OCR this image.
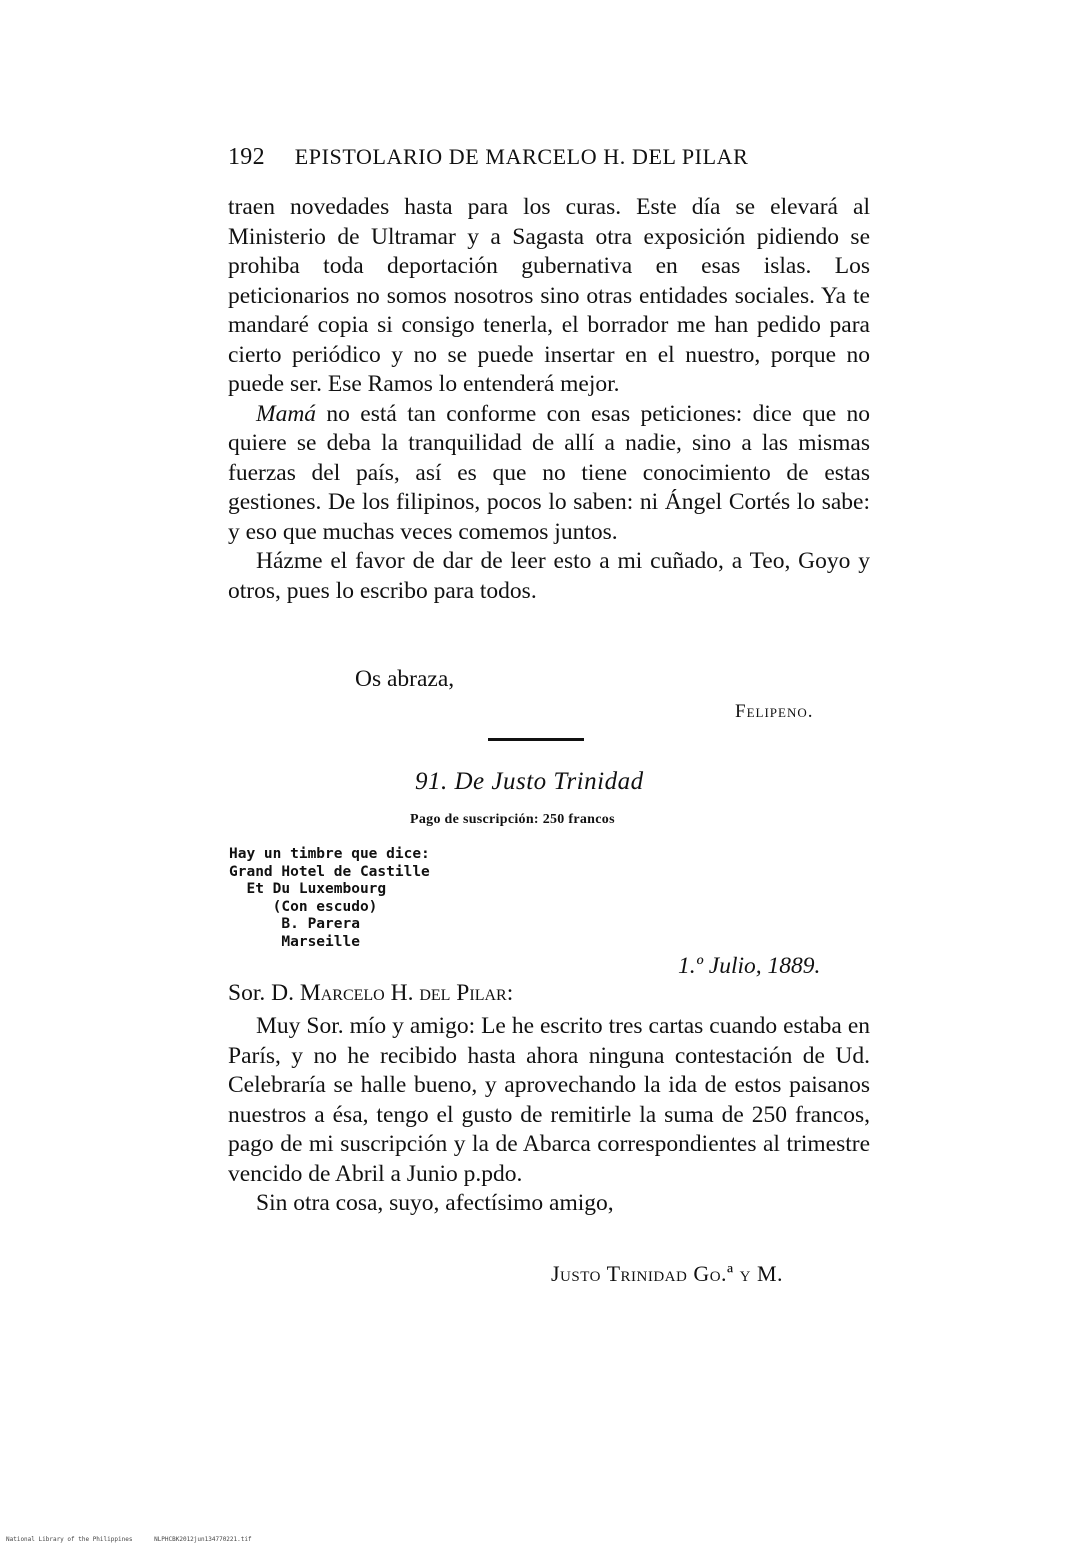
192 EPISTOLARIO DE MARCELO H. DEL PILAR

traen novedades hasta para los curas. Este día se elevará al Ministerio de Ultramar y a Sagasta otra exposición pidiendo se prohiba toda deportación gubernativa en esas islas. Los peticionarios no somos nosotros sino otras entidades sociales. Ya te mandaré copia si consigo tenerla, el borrador me han pedido para cierto periódico y no se puede insertar en el nuestro, porque no puede ser. Ese Ramos lo entenderá mejor.

Mamá no está tan conforme con esas peticiones: dice que no quiere se deba la tranquilidad de allí a nadie, sino a las mismas fuerzas del país, así es que no tiene conocimiento de estas gestiones. De los filipinos, pocos lo saben: ni Ángel Cortés lo sabe: y eso que muchas veces comemos juntos.

Házme el favor de dar de leer esto a mi cuñado, a Teo, Goyo y otros, pues lo escribo para todos.

Os abraza,
Felipeno.
91. De Justo Trinidad
Pago de suscripción: 250 francos
Hay un timbre que dice:
Grand Hotel de Castille
Et Du Luxembourg
(Con escudo)
B. Parera
Marseille
1.º Julio, 1889.
Sor. D. Marcelo H. del Pilar:

Muy Sor. mío y amigo: Le he escrito tres cartas cuando estaba en París, y no he recibido hasta ahora ninguna contestación de Ud. Celebraría se halle bueno, y aprovechando la ida de estos paisanos nuestros a ésa, tengo el gusto de remitirle la suma de 250 francos, pago de mi suscripción y la de Abarca correspondientes al trimestre vencido de Abril a Junio p.pdo.

Sin otra cosa, suyo, afectísimo amigo,

Justo Trinidad Go.ª y M.
National Library of the Philippines	NLPHCBK2012jun134770221.tif
